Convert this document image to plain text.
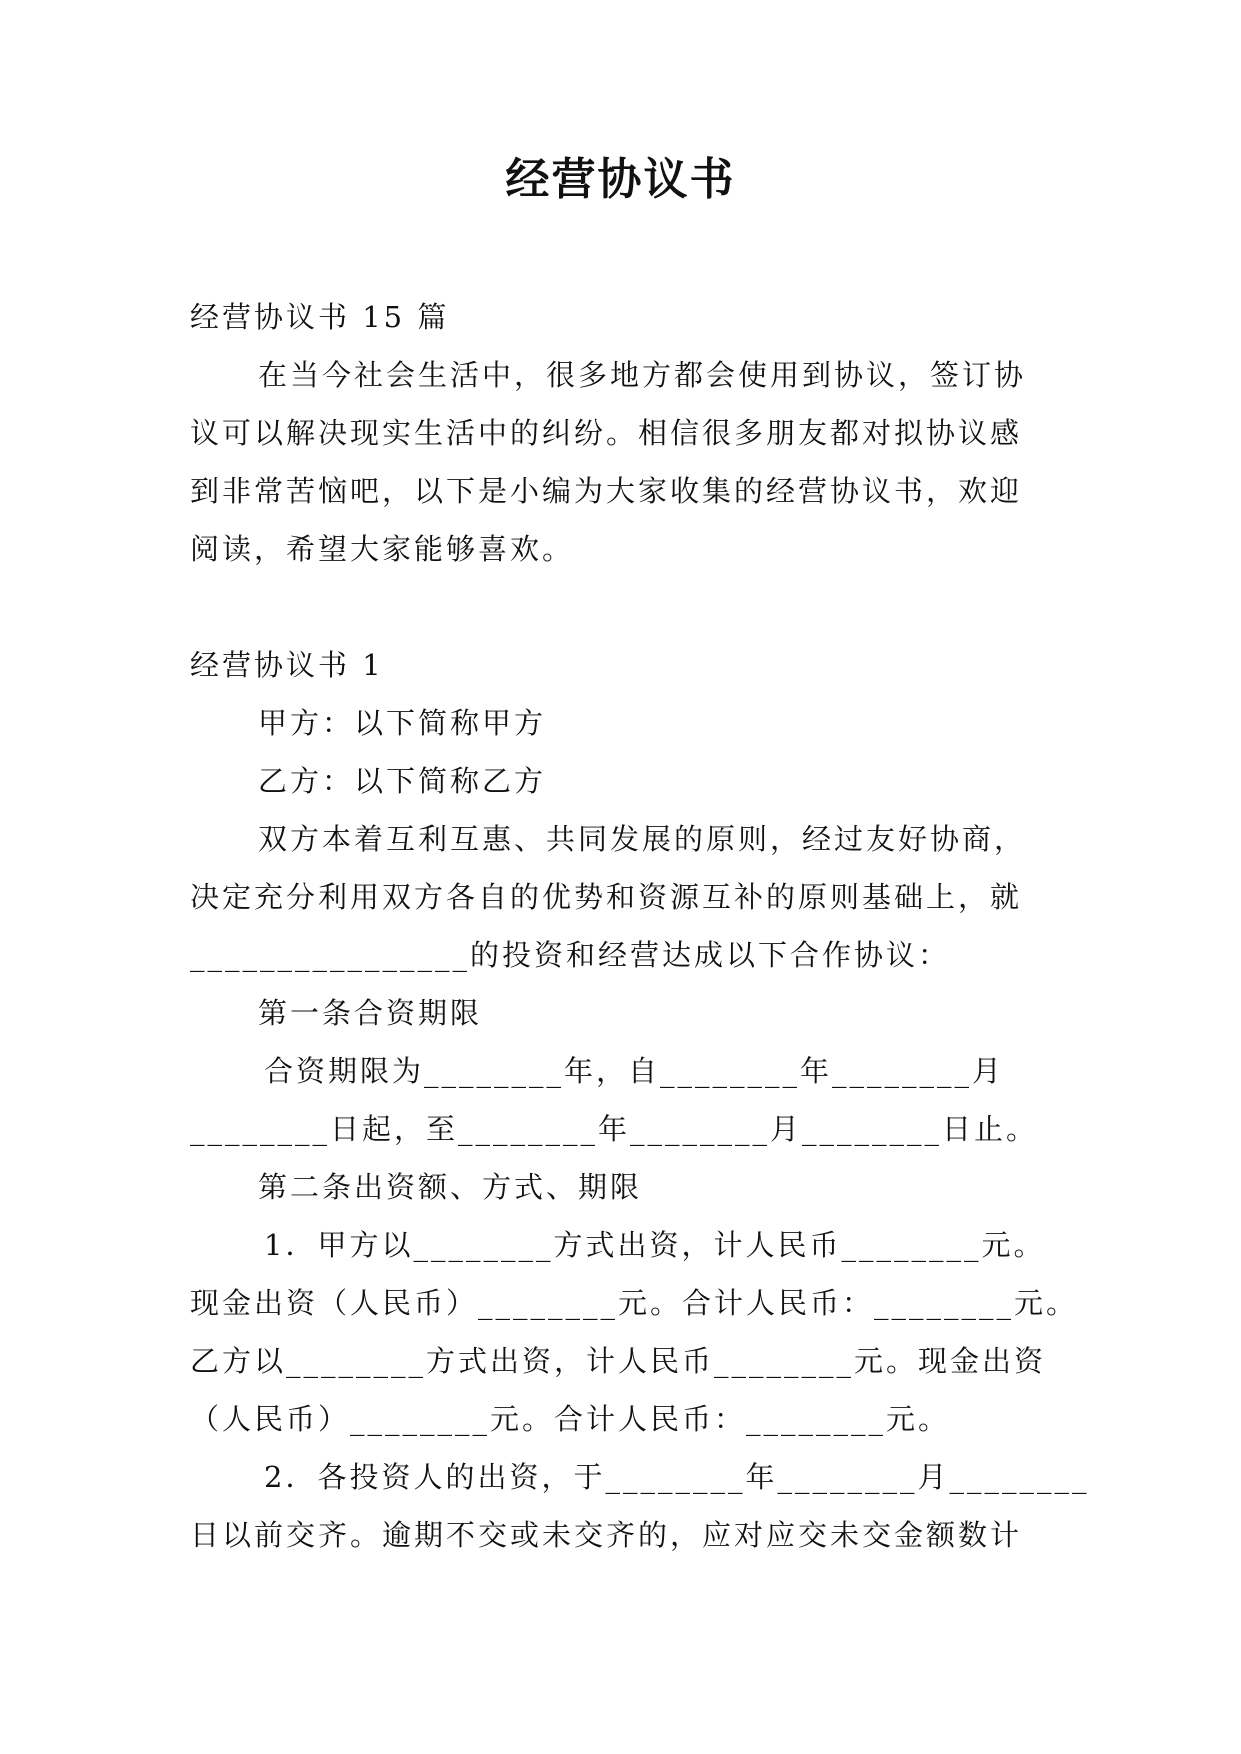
经营协议书
经营协议书 15 篇
在当今社会生活中，很多地方都会使用到协议，签订协
议可以解决现实生活中的纠纷。相信很多朋友都对拟协议感
到非常苦恼吧，以下是小编为大家收集的经营协议书，欢迎
阅读，希望大家能够喜欢。
经营协议书 1
甲方：以下简称甲方
乙方：以下简称乙方
双方本着互利互惠、共同发展的原则，经过友好协商，
决定充分利用双方各自的优势和资源互补的原则基础上，就
________________的投资和经营达成以下合作协议：
第一条合资期限
合资期限为________年，自________年________月
________日起，至________年________月________日止。
第二条出资额、方式、期限
1．甲方以________方式出资，计人民币________元。
现金出资（人民币）________元。合计人民币：________元。
乙方以________方式出资，计人民币________元。现金出资
（人民币）________元。合计人民币：________元。
2．各投资人的出资，于________年________月________
日以前交齐。逾期不交或未交齐的，应对应交未交金额数计
